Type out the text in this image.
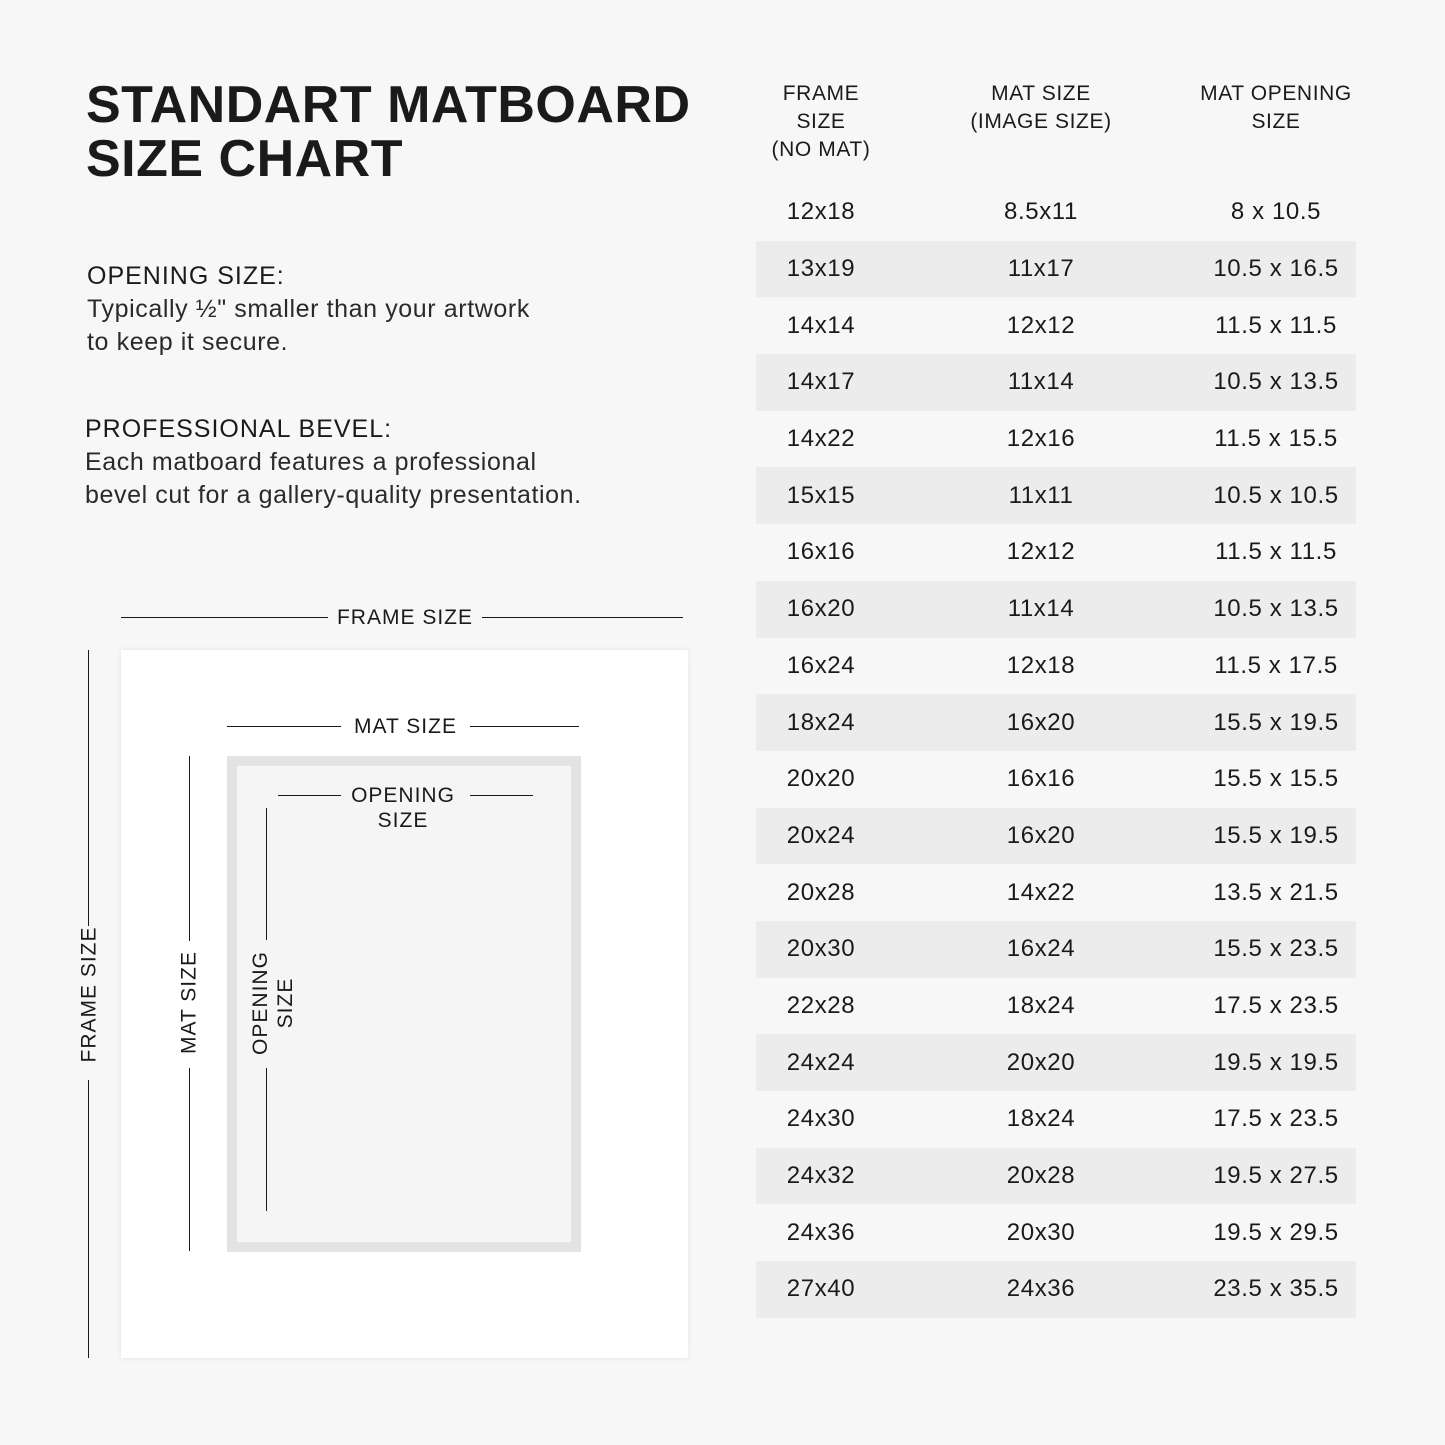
STANDART MATBOARD
SIZE CHART
OPENING SIZE:
Typically ½" smaller than your artwork
to keep it secure.
PROFESSIONAL BEVEL:
Each matboard features a professional
bevel cut for a gallery-quality presentation.
FRAME SIZE
(NO MAT)
MAT SIZE
(IMAGE SIZE)
MAT OPENING
SIZE
12x18	8.5x11	8 x 10.5
13x19	11x17	10.5 x 16.5
14x14	12x12	11.5 x 11.5
14x17	11x14	10.5 x 13.5
14x22	12x16	11.5 x 15.5
15x15	11x11	10.5 x 10.5
16x16	12x12	11.5 x 11.5
16x20	11x14	10.5 x 13.5
16x24	12x18	11.5 x 17.5
18x24	16x20	15.5 x 19.5
20x20	16x16	15.5 x 15.5
20x24	16x20	15.5 x 19.5
20x28	14x22	13.5 x 21.5
20x30	16x24	15.5 x 23.5
22x28	18x24	17.5 x 23.5
24x24	20x20	19.5 x 19.5
24x30	18x24	17.5 x 23.5
24x32	20x28	19.5 x 27.5
24x36	20x30	19.5 x 29.5
27x40	24x36	23.5 x 35.5
FRAME SIZE
MAT SIZE
OPENING
SIZE
FRAME SIZE	MAT SIZE OPENING SIZE
